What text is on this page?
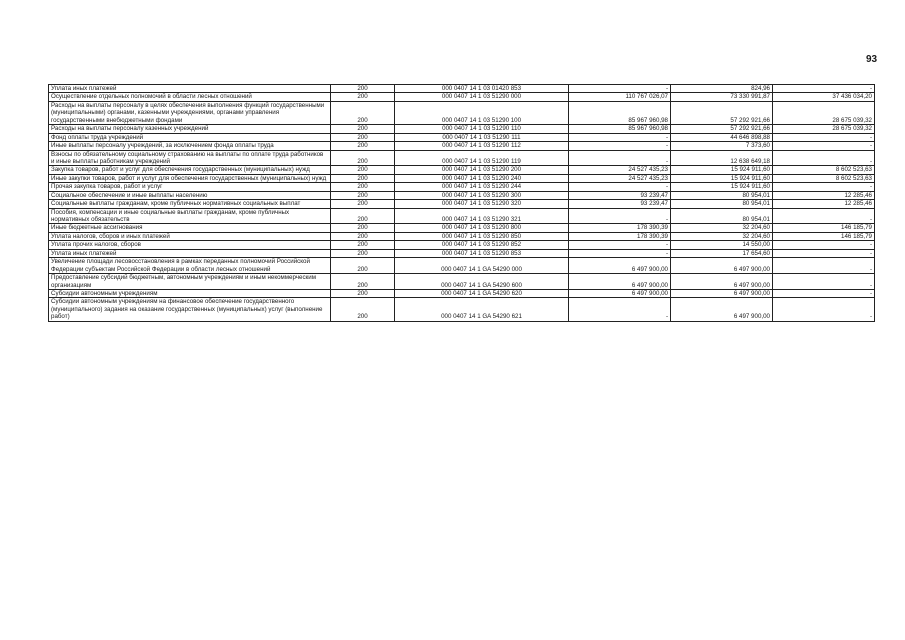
93
Уплата иных платежей	200	000 0407 14 1 03 01420 853	-	824,96	-
Осуществление отдельных полномочий в области лесных отношений	200	000 0407 14 1 03 51290 000	110 767 026,07	73 330 991,87	37 436 034,20
Расходы на выплаты персоналу в целях обеспечения выполнения функций государственными (муниципальными) органами, казенными учреждениями, органами управления государственными внебюджетными фондами	200	000 0407 14 1 03 51290 100	85 967 960,98	57 292 921,66	28 675 039,32
Расходы на выплаты персоналу казенных учреждений	200	000 0407 14 1 03 51290 110	85 967 960,98	57 292 921,66	28 675 039,32
Фонд оплаты труда учреждений	200	000 0407 14 1 03 51290 111	-	44 646 898,88	-
Иные выплаты персоналу учреждений, за исключением фонда оплаты труда	200	000 0407 14 1 03 51290 112	-	7 373,60	-
Взносы по обязательному социальному страхованию на выплаты по оплате труда работников и иные выплаты работникам учреждений	200	000 0407 14 1 03 51290 119	-	12 638 649,18	-
Закупка товаров, работ и услуг для обеспечения государственных (муниципальных) нужд	200	000 0407 14 1 03 51290 200	24 527 435,23	15 924 911,60	8 602 523,63
Иные закупки товаров, работ и услуг для обеспечения государственных (муниципальных) нужд	200	000 0407 14 1 03 51290 240	24 527 435,23	15 924 911,60	8 602 523,63
Прочая закупка товаров, работ и услуг	200	000 0407 14 1 03 51290 244	-	15 924 911,60	-
Социальное обеспечение и иные выплаты населению	200	000 0407 14 1 03 51290 300	93 239,47	80 954,01	12 285,46
Социальные выплаты гражданам, кроме публичных нормативных социальных выплат	200	000 0407 14 1 03 51290 320	93 239,47	80 954,01	12 285,46
Пособия, компенсации и иные социальные выплаты гражданам, кроме публичных нормативных обязательств	200	000 0407 14 1 03 51290 321	-	80 954,01	-
Иные бюджетные ассигнования	200	000 0407 14 1 03 51290 800	178 390,39	32 204,60	146 185,79
Уплата налогов, сборов и иных платежей	200	000 0407 14 1 03 51290 850	178 390,39	32 204,60	146 185,79
Уплата прочих налогов, сборов	200	000 0407 14 1 03 51290 852	-	14 550,00	-
Уплата иных платежей	200	000 0407 14 1 03 51290 853	-	17 654,60	-
Увеличение площади лесовосстановления в рамках переданных полномочий Российской Федерации субъектам Российской Федерации в области лесных отношений	200	000 0407 14 1 GA 54290 000	6 497 900,00	6 497 900,00	-
Предоставление субсидий бюджетным, автономным учреждениям и иным некоммерческим организациям	200	000 0407 14 1 GA 54290 600	6 497 900,00	6 497 900,00	-
Субсидии автономным учреждениям	200	000 0407 14 1 GA 54290 620	6 497 900,00	6 497 900,00	-
Субсидии автономным учреждениям на финансовое обеспечение государственного (муниципального) задания на оказание государственных (муниципальных) услуг (выполнение работ)	200	000 0407 14 1 GA 54290 621	-	6 497 900,00	-
